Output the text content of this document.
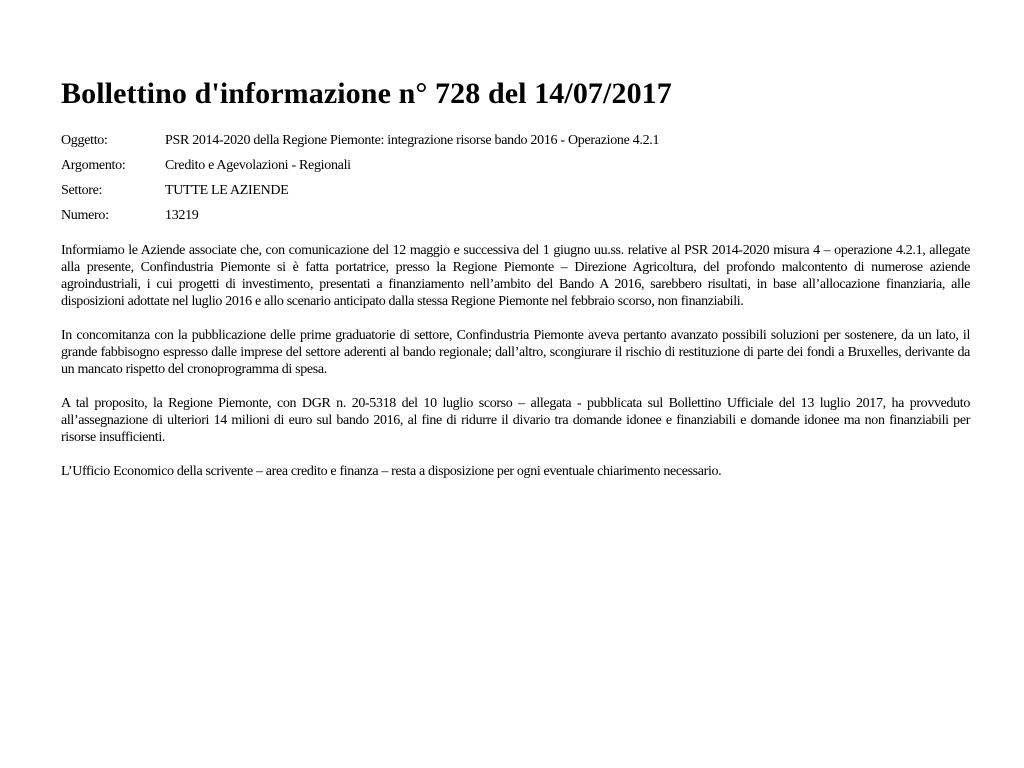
Bollettino d'informazione n° 728 del 14/07/2017
Oggetto:	PSR 2014-2020 della Regione Piemonte: integrazione risorse bando 2016 - Operazione 4.2.1
Argomento:	Credito e Agevolazioni - Regionali
Settore:	TUTTE LE AZIENDE
Numero:	13219

Informiamo le Aziende associate che, con comunicazione del 12 maggio e successiva del 1 giugno uu.ss. relative al PSR 2014-2020 misura 4 – operazione 4.2.1, allegate alla presente, Confindustria Piemonte si è fatta portatrice, presso la Regione Piemonte – Direzione Agricoltura, del profondo malcontento di numerose aziende agroindustriali, i cui progetti di investimento, presentati a finanziamento nell’ambito del Bando A 2016, sarebbero risultati, in base all’allocazione finanziaria, alle disposizioni adottate nel luglio 2016 e allo scenario anticipato dalla stessa Regione Piemonte nel febbraio scorso, non finanziabili.

In concomitanza con la pubblicazione delle prime graduatorie di settore, Confindustria Piemonte aveva pertanto avanzato possibili soluzioni per sostenere, da un lato, il grande fabbisogno espresso dalle imprese del settore aderenti al bando regionale; dall’altro, scongiurare il rischio di restituzione di parte dei fondi a Bruxelles, derivante da un mancato rispetto del cronoprogramma di spesa.

A tal proposito, la Regione Piemonte, con DGR n. 20-5318 del 10 luglio scorso – allegata - pubblicata sul Bollettino Ufficiale del 13 luglio 2017, ha provveduto all’assegnazione di ulteriori 14 milioni di euro sul bando 2016, al fine di ridurre il divario tra domande idonee e finanziabili e domande idonee ma non finanziabili per risorse insufficienti.

L’Ufficio Economico della scrivente – area credito e finanza – resta a disposizione per ogni eventuale chiarimento necessario.
